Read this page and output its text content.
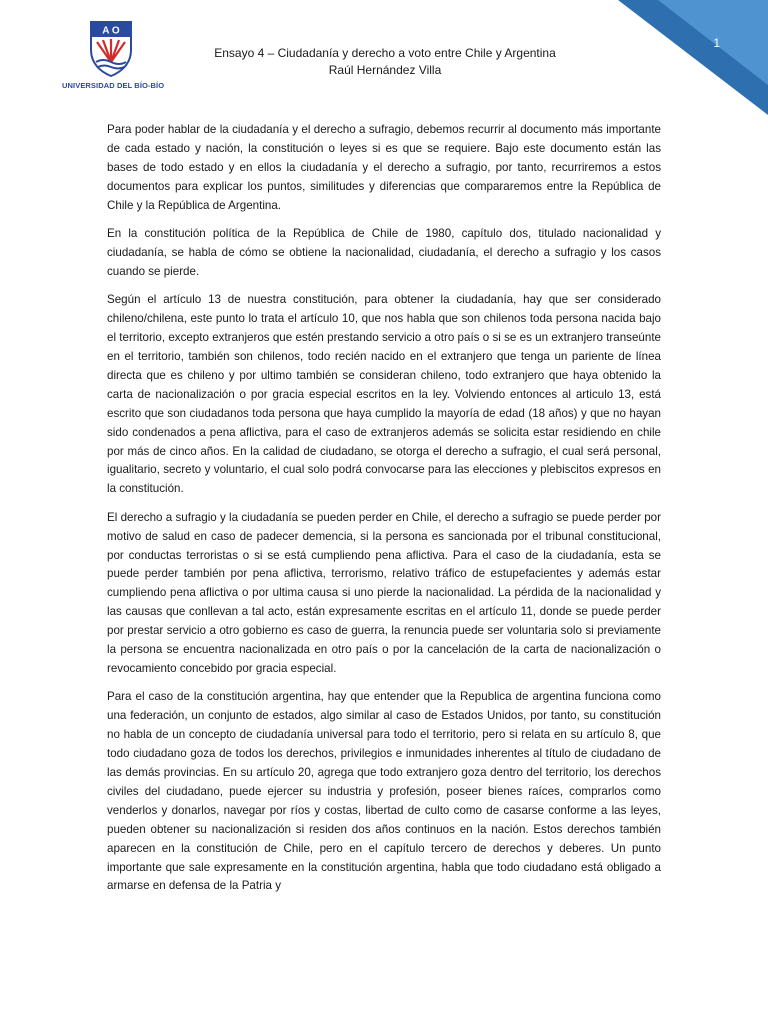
A O
UNIVERSIDAD DEL BÍO-BÍO
Ensayo 4 – Ciudadanía y derecho a voto entre Chile y Argentina
Raúl Hernández Villa
1

Para poder hablar de la ciudadanía y el derecho a sufragio, debemos recurrir al documento más importante de cada estado y nación, la constitución o leyes si es que se requiere. Bajo este documento están las bases de todo estado y en ellos la ciudadanía y el derecho a sufragio, por tanto, recurriremos a estos documentos para explicar los puntos, similitudes y diferencias que compararemos entre la República de Chile y la República de Argentina.

En la constitución política de la República de Chile de 1980, capítulo dos, titulado nacionalidad y ciudadanía, se habla de cómo se obtiene la nacionalidad, ciudadanía, el derecho a sufragio y los casos cuando se pierde.

Según el artículo 13 de nuestra constitución, para obtener la ciudadanía, hay que ser considerado chileno/chilena, este punto lo trata el artículo 10, que nos habla que son chilenos toda persona nacida bajo el territorio, excepto extranjeros que estén prestando servicio a otro país o si se es un extranjero transeúnte en el territorio, también son chilenos, todo recién nacido en el extranjero que tenga un pariente de línea directa que es chileno y por ultimo también se consideran chileno, todo extranjero que haya obtenido la carta de nacionalización o por gracia especial escritos en la ley. Volviendo entonces al articulo 13, está escrito que son ciudadanos toda persona que haya cumplido la mayoría de edad (18 años) y que no hayan sido condenados a pena aflictiva, para el caso de extranjeros además se solicita estar residiendo en chile por más de cinco años. En la calidad de ciudadano, se otorga el derecho a sufragio, el cual será personal, igualitario, secreto y voluntario, el cual solo podrá convocarse para las elecciones y plebiscitos expresos en la constitución.

El derecho a sufragio y la ciudadanía se pueden perder en Chile, el derecho a sufragio se puede perder por motivo de salud en caso de padecer demencia, si la persona es sancionada por el tribunal constitucional, por conductas terroristas o si se está cumpliendo pena aflictiva. Para el caso de la ciudadanía, esta se puede perder también por pena aflictiva, terrorismo, relativo tráfico de estupefacientes y además estar cumpliendo pena aflictiva o por ultima causa si uno pierde la nacionalidad. La pérdida de la nacionalidad y las causas que conllevan a tal acto, están expresamente escritas en el artículo 11, donde se puede perder por prestar servicio a otro gobierno es caso de guerra, la renuncia puede ser voluntaria solo si previamente la persona se encuentra nacionalizada en otro país o por la cancelación de la carta de nacionalización o revocamiento concebido por gracia especial.

Para el caso de la constitución argentina, hay que entender que la Republica de argentina funciona como una federación, un conjunto de estados, algo similar al caso de Estados Unidos, por tanto, su constitución no habla de un concepto de ciudadanía universal para todo el territorio, pero si relata en su artículo 8, que todo ciudadano goza de todos los derechos, privilegios e inmunidades inherentes al título de ciudadano de las demás provincias. En su artículo 20, agrega que todo extranjero goza dentro del territorio, los derechos civiles del ciudadano, puede ejercer su industria y profesión, poseer bienes raíces, comprarlos como venderlos y donarlos, navegar por ríos y costas, libertad de culto como de casarse conforme a las leyes, pueden obtener su nacionalización si residen dos años continuos en la nación. Estos derechos también aparecen en la constitución de Chile, pero en el capítulo tercero de derechos y deberes. Un punto importante que sale expresamente en la constitución argentina, habla que todo ciudadano está obligado a armarse en defensa de la Patria y
